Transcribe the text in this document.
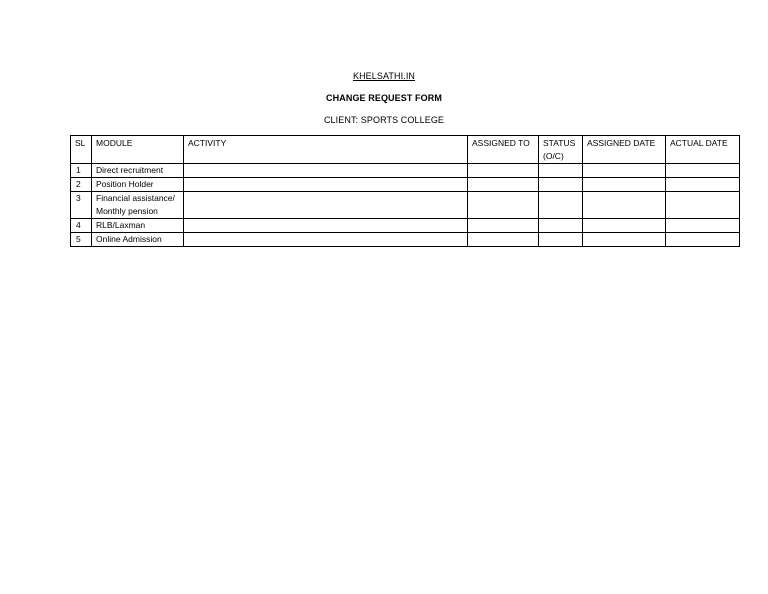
KHELSATHI.IN
CHANGE REQUEST FORM
CLIENT: SPORTS COLLEGE
SL	MODULE	ACTIVITY	ASSIGNED TO	STATUS (O/C)	ASSIGNED DATE	ACTUAL DATE
1	Direct recruitment					
2	Position Holder					
3	Financial assistance/ Monthly pension					
4	RLB/Laxman					
5	Online Admission					
